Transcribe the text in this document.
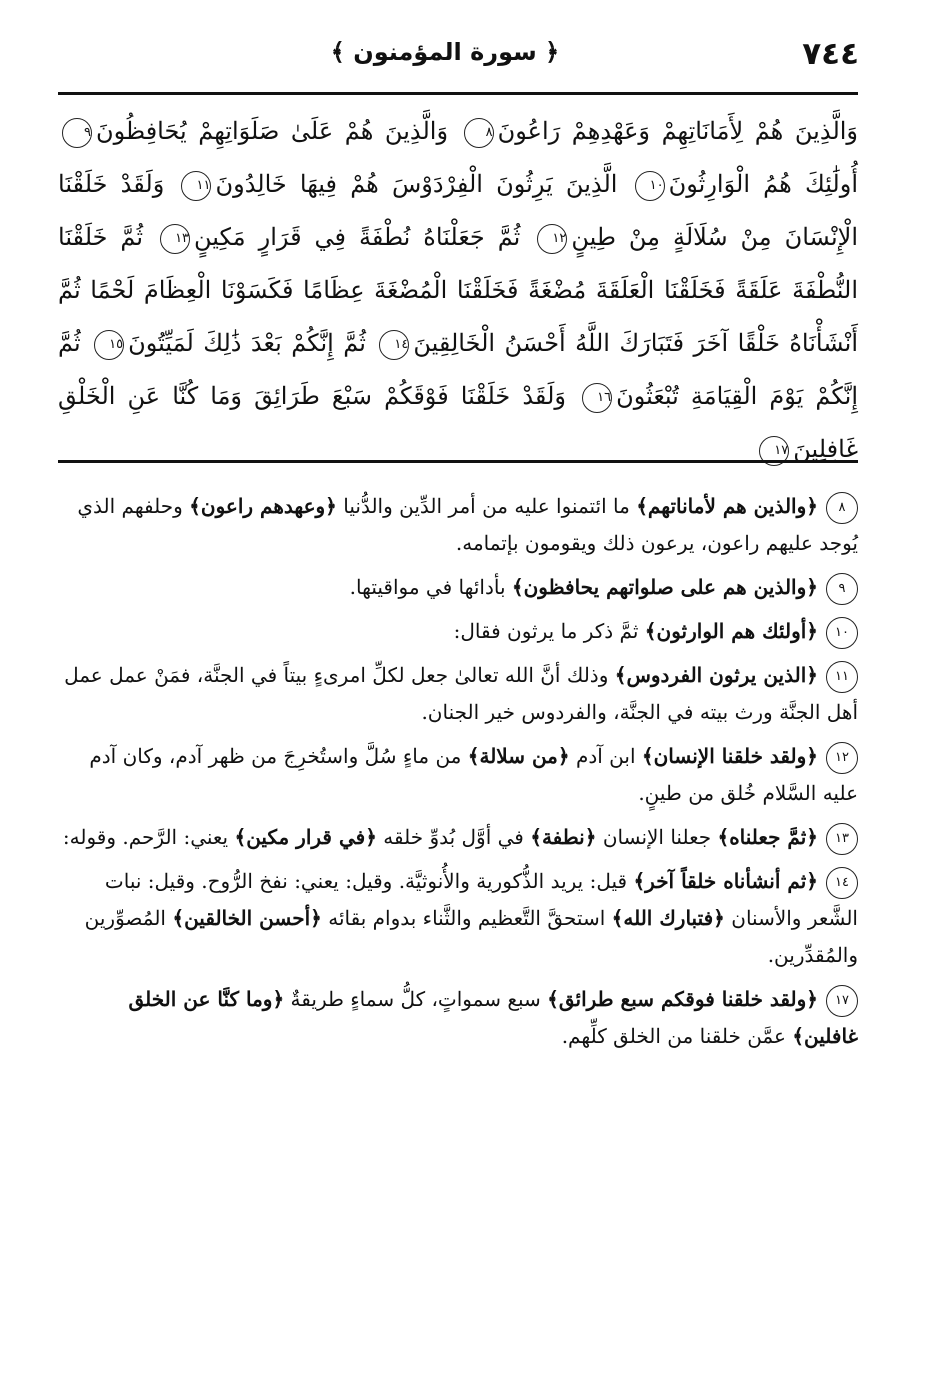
٧٤٤
﴿ سورة المؤمنون ﴾
وَالَّذِينَ هُمْ لِأَمَانَاتِهِمْ وَعَهْدِهِمْ رَاعُونَ٨ وَالَّذِينَ هُمْ عَلَىٰ صَلَوَاتِهِمْ يُحَافِظُونَ٩ أُولَٰئِكَ هُمُ الْوَارِثُونَ١٠ الَّذِينَ يَرِثُونَ الْفِرْدَوْسَ هُمْ فِيهَا خَالِدُونَ١١ وَلَقَدْ خَلَقْنَا الْإِنْسَانَ مِنْ سُلَالَةٍ مِنْ طِينٍ١٢ ثُمَّ جَعَلْنَاهُ نُطْفَةً فِي قَرَارٍ مَكِينٍ١٣ ثُمَّ خَلَقْنَا النُّطْفَةَ عَلَقَةً فَخَلَقْنَا الْعَلَقَةَ مُضْغَةً فَخَلَقْنَا الْمُضْغَةَ عِظَامًا فَكَسَوْنَا الْعِظَامَ لَحْمًا ثُمَّ أَنْشَأْنَاهُ خَلْقًا آخَرَ فَتَبَارَكَ اللَّهُ أَحْسَنُ الْخَالِقِينَ١٤ ثُمَّ إِنَّكُمْ بَعْدَ ذَٰلِكَ لَمَيِّتُونَ١٥ ثُمَّ إِنَّكُمْ يَوْمَ الْقِيَامَةِ تُبْعَثُونَ١٦ وَلَقَدْ خَلَقْنَا فَوْقَكُمْ سَبْعَ طَرَائِقَ وَمَا كُنَّا عَنِ الْخَلْقِ غَافِلِينَ١٧
٨﴿والذين هم لأماناتهم﴾ ما ائتمنوا عليه من أمر الدِّين والدُّنيا ﴿وعهدهم راعون﴾ وحلفهم الذي يُوجد عليهم راعون، يرعون ذلك ويقومون بإتمامه.
٩﴿والذين هم على صلواتهم يحافظون﴾ بأدائها في مواقيتها.
١٠﴿أولئك هم الوارثون﴾ ثمَّ ذكر ما يرثون فقال:
١١﴿الذين يرثون الفردوس﴾ وذلك أنَّ الله تعالىٰ جعل لكلِّ امرىءٍ بيتاً في الجنَّة، فمَنْ عمل عمل أهل الجنَّة ورث بيته في الجنَّة، والفردوس خير الجنان.
١٢﴿ولقد خلقنا الإنسان﴾ ابن آدم ﴿من سلالة﴾ من ماءٍ سُلَّ واستُخرِجَ من ظهر آدم، وكان آدم عليه السَّلام خُلق من طينٍ.
١٣﴿ثمَّ جعلناه﴾ جعلنا الإنسان ﴿نطفة﴾ في أوَّل بُدوِّ خلقه ﴿في قرار مكين﴾ يعني: الرَّحم. وقوله:
١٤﴿ثم أنشأناه خلقاً آخر﴾ قيل: يريد الذُّكورية والأُنوثيَّة. وقيل: يعني: نفخ الرُّوح. وقيل: نبات الشَّعر والأسنان ﴿فتبارك الله﴾ استحقَّ التَّعظيم والثَّناء بدوام بقائه ﴿أحسن الخالقين﴾ المُصوِّرين والمُقدِّرين.
١٧﴿ولقد خلقنا فوقكم سبع طرائق﴾ سبع سمواتٍ، كلُّ سماءٍ طريقةٌ ﴿وما كنَّا عن الخلق غافلين﴾ عمَّن خلقنا من الخلق كلِّهم.
